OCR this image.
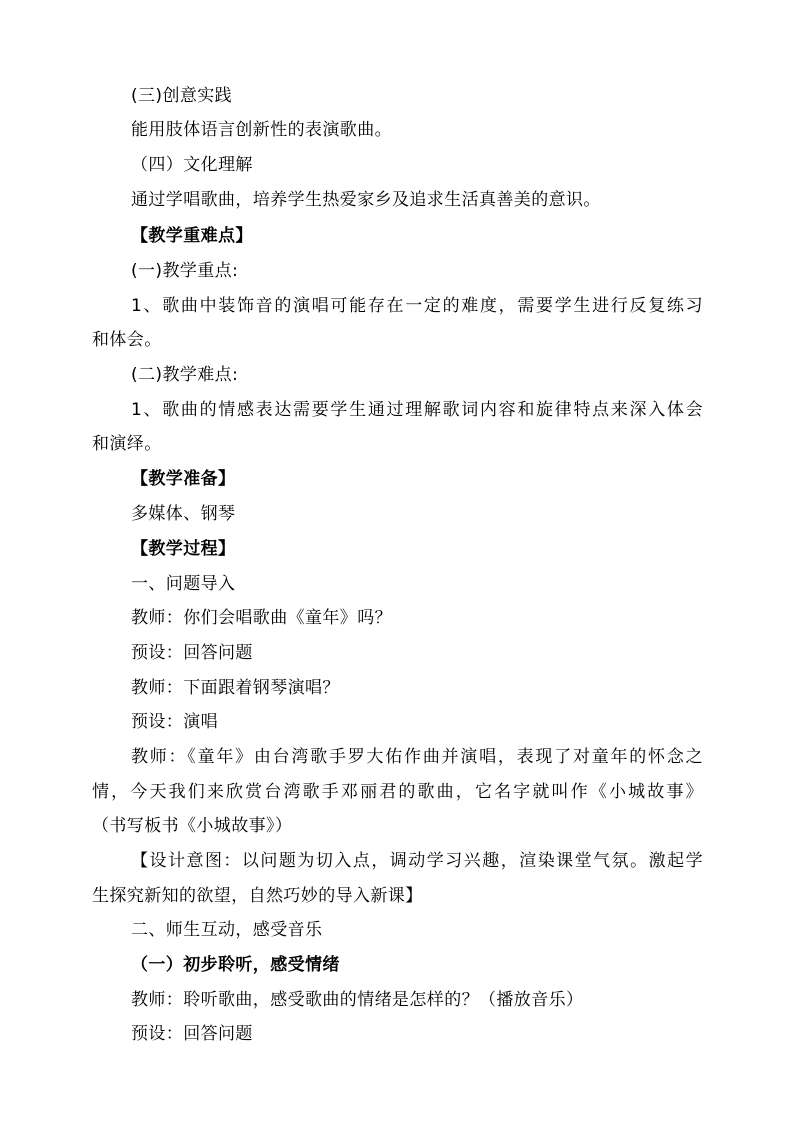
(三)创意实践
能用肢体语言创新性的表演歌曲。
（四）文化理解
通过学唱歌曲，培养学生热爱家乡及追求生活真善美的意识。
【教学重难点】
(一)教学重点:
1、歌曲中装饰音的演唱可能存在一定的难度，需要学生进行反复练习
和体会。
(二)教学难点:
1、歌曲的情感表达需要学生通过理解歌词内容和旋律特点来深入体会
和演绎。
【教学准备】
多媒体、钢琴
【教学过程】
一、问题导入
教师：你们会唱歌曲《童年》吗？
预设：回答问题
教师：下面跟着钢琴演唱？
预设：演唱
教师：《童年》由台湾歌手罗大佑作曲并演唱，表现了对童年的怀念之
情，今天我们来欣赏台湾歌手邓丽君的歌曲，它名字就叫作《小城故事》
（书写板书《小城故事》）
【设计意图：以问题为切入点，调动学习兴趣，渲染课堂气氛。激起学
生探究新知的欲望，自然巧妙的导入新课】
二、师生互动，感受音乐
（一）初步聆听，感受情绪
教师：聆听歌曲，感受歌曲的情绪是怎样的？（播放音乐）
预设：回答问题
